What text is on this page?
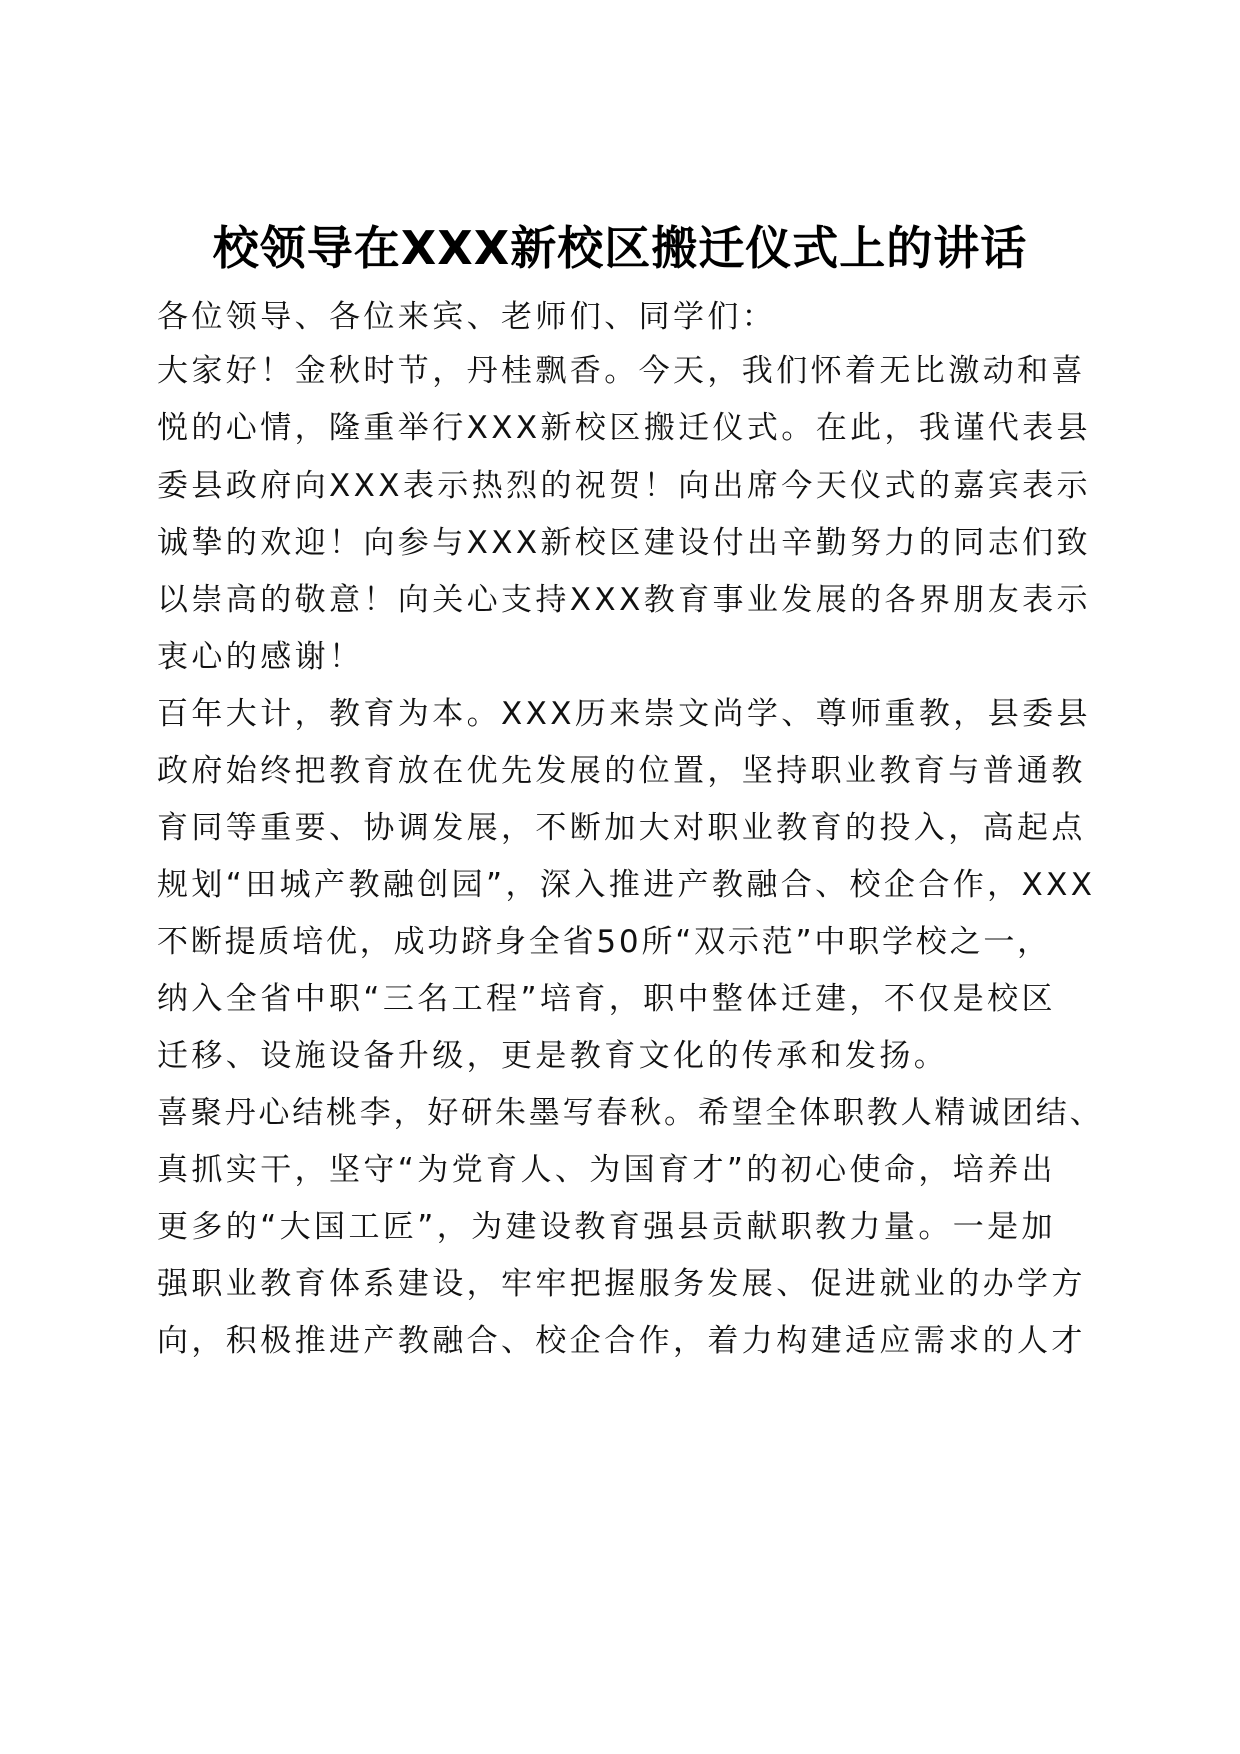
校领导在XXX新校区搬迁仪式上的讲话
各位领导、各位来宾、老师们、同学们：
大家好！金秋时节，丹桂飘香。今天，我们怀着无比激动和喜
悦的心情，隆重举行XXX新校区搬迁仪式。在此，我谨代表县
委县政府向XXX表示热烈的祝贺！向出席今天仪式的嘉宾表示
诚挚的欢迎！向参与XXX新校区建设付出辛勤努力的同志们致
以崇高的敬意！向关心支持XXX教育事业发展的各界朋友表示
衷心的感谢！
百年大计，教育为本。XXX历来崇文尚学、尊师重教，县委县
政府始终把教育放在优先发展的位置，坚持职业教育与普通教
育同等重要、协调发展，不断加大对职业教育的投入，高起点
规划“田城产教融创园”，深入推进产教融合、校企合作，XXX
不断提质培优，成功跻身全省50所“双示范”中职学校之一，
纳入全省中职“三名工程”培育，职中整体迁建，不仅是校区
迁移、设施设备升级，更是教育文化的传承和发扬。
喜聚丹心结桃李，好研朱墨写春秋。希望全体职教人精诚团结、
真抓实干，坚守“为党育人、为国育才”的初心使命，培养出
更多的“大国工匠”，为建设教育强县贡献职教力量。一是加
强职业教育体系建设，牢牢把握服务发展、促进就业的办学方
向，积极推进产教融合、校企合作，着力构建适应需求的人才
